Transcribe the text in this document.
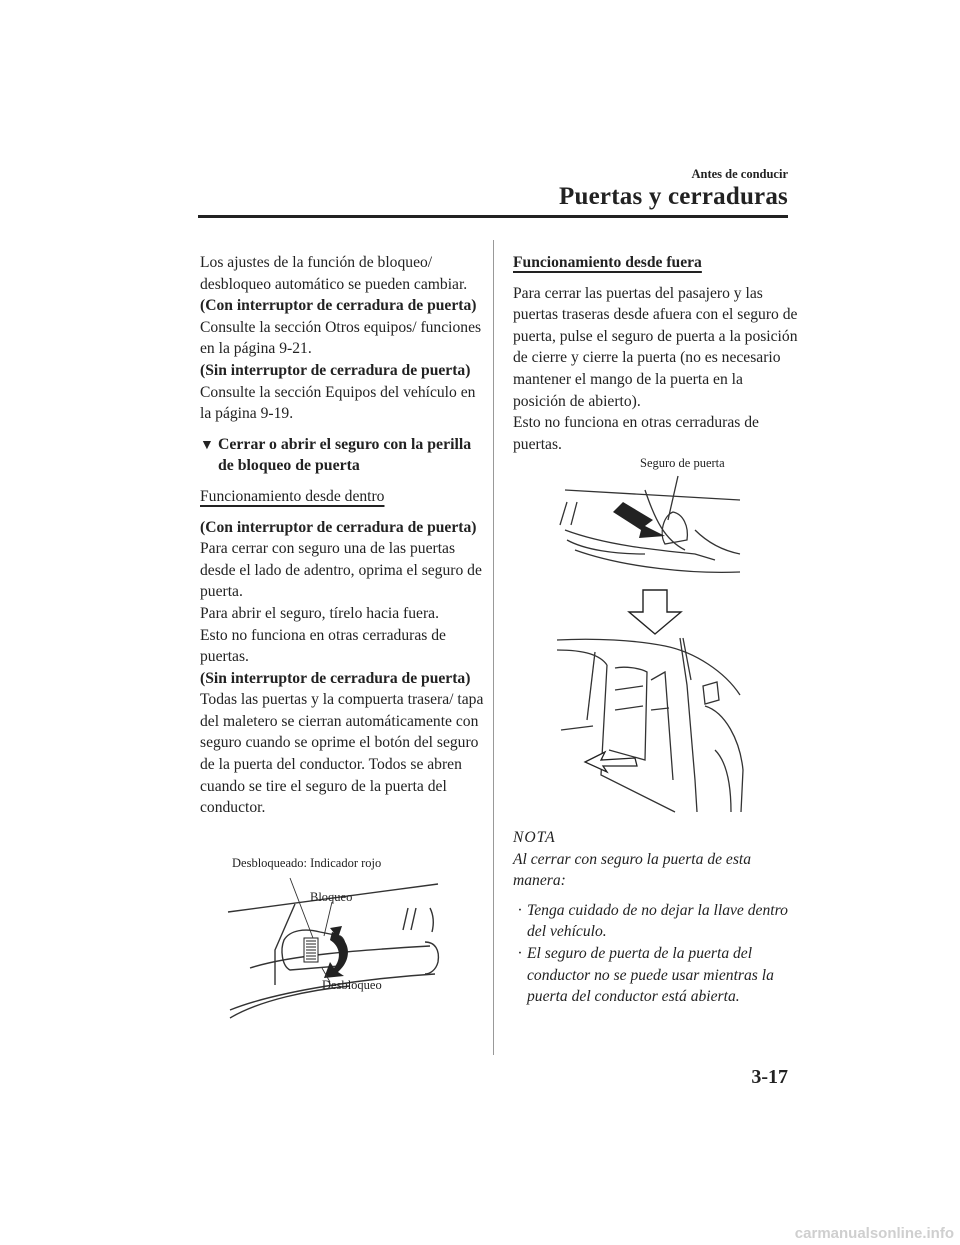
Antes de conducir
Puertas y cerraduras

Los ajustes de la función de bloqueo/ desbloqueo automático se pueden cambiar.

(Con interruptor de cerradura de puerta)

Consulte la sección Otros equipos/ funciones en la página 9-21.

(Sin interruptor de cerradura de puerta)

Consulte la sección Equipos del vehículo en la página 9-19.

▼ Cerrar o abrir el seguro con la perilla de bloqueo de puerta

Funcionamiento desde dentro

(Con interruptor de cerradura de puerta)

Para cerrar con seguro una de las puertas desde el lado de adentro, oprima el seguro de puerta.

Para abrir el seguro, tírelo hacia fuera.

Esto no funciona en otras cerraduras de puertas.

(Sin interruptor de cerradura de puerta)

Todas las puertas y la compuerta trasera/ tapa del maletero se cierran automáticamente con seguro cuando se oprime el botón del seguro de la puerta del conductor. Todos se abren cuando se tire el seguro de la puerta del conductor.

Desbloqueado: Indicador rojo
Bloqueo
Desbloqueo

Funcionamiento desde fuera

Para cerrar las puertas del pasajero y las puertas traseras desde afuera con el seguro de puerta, pulse el seguro de puerta a la posición de cierre y cierre la puerta (no es necesario mantener el mango de la puerta en la posición de abierto).

Esto no funciona en otras cerraduras de puertas.

Seguro de puerta

NOTA

Al cerrar con seguro la puerta de esta manera:

· Tenga cuidado de no dejar la llave dentro del vehículo.
· El seguro de puerta de la puerta del conductor no se puede usar mientras la puerta del conductor está abierta.
3-17
carmanualsonline.info
